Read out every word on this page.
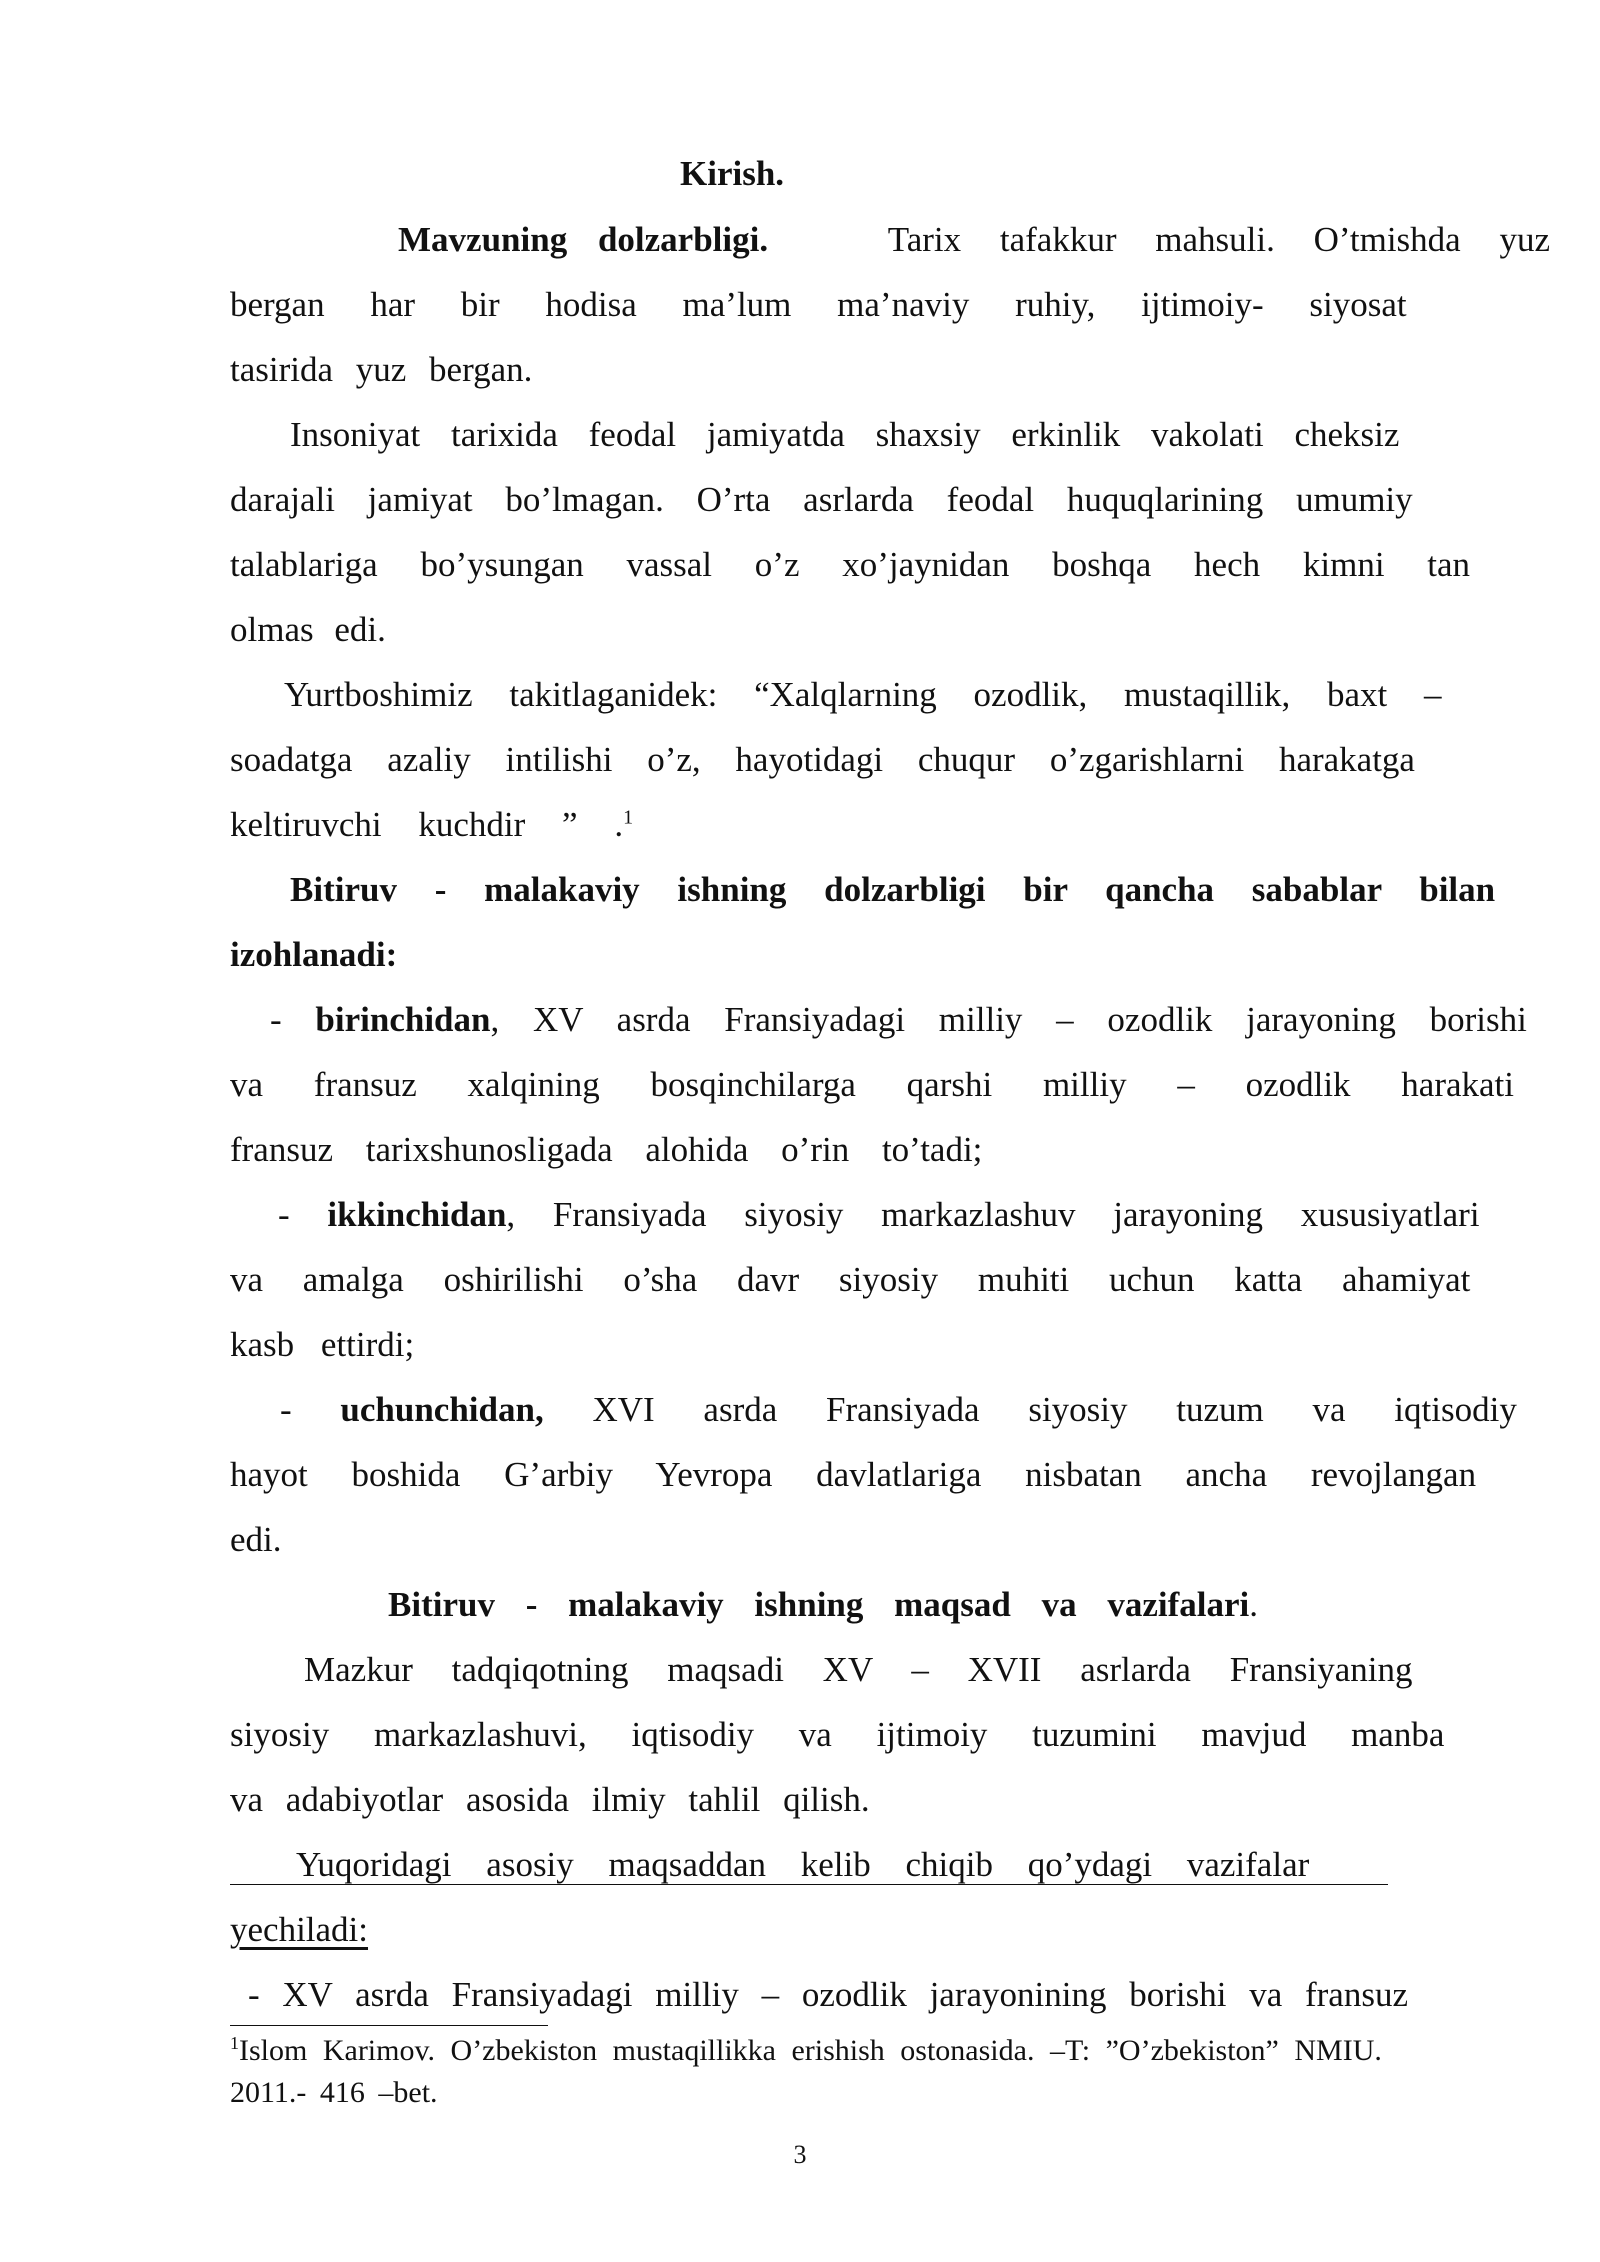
Kirish.
Mavzuning dolzarbligi.	Tarix tafakkur mahsuli. O’tmishda yuz
bergan har bir hodisa ma’lum ma’naviy ruhiy, ijtimoiy- siyosat
tasirida yuz bergan.
Insoniyat tarixida feodal jamiyatda shaxsiy erkinlik vakolati cheksiz
darajali jamiyat bo’lmagan. O’rta asrlarda feodal huquqlarining umumiy
talablariga bo’ysungan vassal o’z xo’jaynidan boshqa hech kimni tan
olmas edi.
Yurtboshimiz takitlaganidek: “Xalqlarning ozodlik, mustaqillik, baxt –
soadatga azaliy intilishi o’z, hayotidagi chuqur o’zgarishlarni harakatga
keltiruvchi kuchdir ” .$^1$
Bitiruv - malakaviy ishning dolzarbligi bir qancha sabablar bilan
izohlanadi:
- birinchidan, XV asrda Fransiyadagi milliy – ozodlik jarayoning borishi
va fransuz xalqining bosqinchilarga qarshi milliy – ozodlik harakati
fransuz tarixshunosligada alohida o’rin to’tadi;
- ikkinchidan, Fransiyada siyosiy markazlashuv jarayoning xususiyatlari
va amalga oshirilishi o’sha davr siyosiy muhiti uchun katta ahamiyat
kasb ettirdi;
- uchunchidan, XVI asrda Fransiyada siyosiy tuzum va iqtisodiy
hayot boshida G’arbiy Yevropa davlatlariga nisbatan ancha revojlangan
edi.
Bitiruv - malakaviy ishning maqsad va vazifalari.
Mazkur tadqiqotning maqsadi XV – XVII asrlarda Fransiyaning
siyosiy markazlashuvi, iqtisodiy va ijtimoiy tuzumini mavjud manba
va adabiyotlar asosida ilmiy tahlil qilish.
Yuqoridagi asosiy maqsaddan kelib chiqib qo’ydagi vazifalar
yechiladi:
- XV asrda Fransiyadagi milliy – ozodlik jarayonining borishi va fransuz
$^1$Islom Karimov. O’zbekiston mustaqillikka erishish ostonasida. –T: ”O’zbekiston” NMIU.
2011.- 416 –bet.
3
